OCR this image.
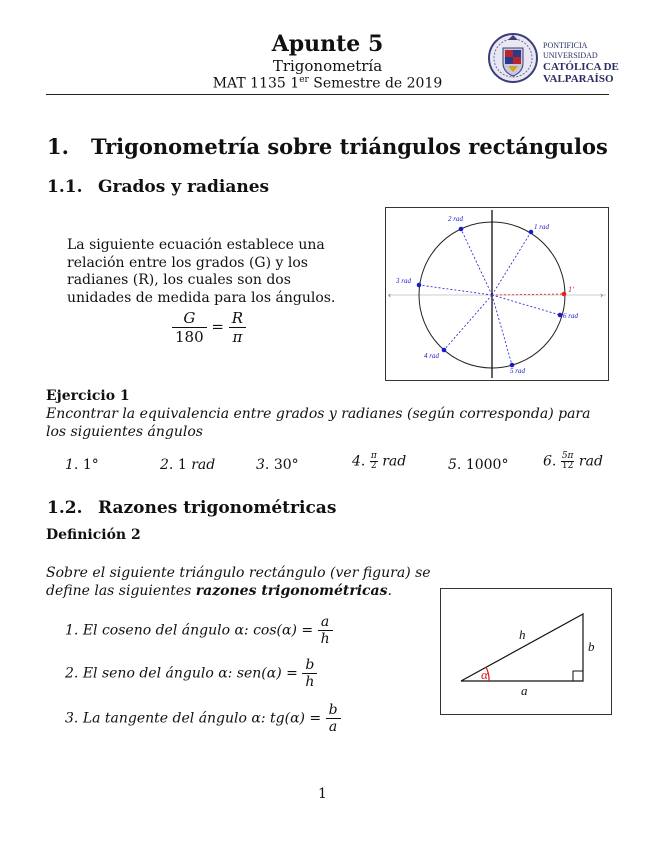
Apunte 5
Trigonometría
MAT 1135 1er Semestre de 2019
PONTIFICIA
UNIVERSIDAD
CATÓLICA DE
VALPARAÍSO
1. Trigonometría sobre triángulos rectángulos
1.1. Grados y radianes
La siguiente ecuación establece una relación entre los grados (G) y los radianes (R), los cuales son dos unidades de medida para los ángulos.
$\frac{G}{180} = \frac{R}{\pi}$
‹	›
1 rad
2 rad
3 rad
4 rad
5 rad
6 rad
1'
Ejercicio 1
Encontrar la equivalencia entre grados y radianes (según corresponda) para los siguientes ángulos
1. 1°	2. 1 rad	3. 30°	4. $\frac{\pi}{2}$ rad	5. 1000° 6. $\frac{5\pi}{12}$ rad
1.2. Razones trigonométricas
Definición 2
Sobre el siguiente triángulo rectángulo (ver figura) se define las siguientes razones trigonométricas.
1. El coseno del ángulo α: $\cos(\alpha) = \frac{a}{h}$
2. El seno del ángulo α: $sen(\alpha) = \frac{b}{h}$
3. La tangente del ángulo α: $tg(\alpha) = \frac{b}{a}$
α
h
b
a
1
